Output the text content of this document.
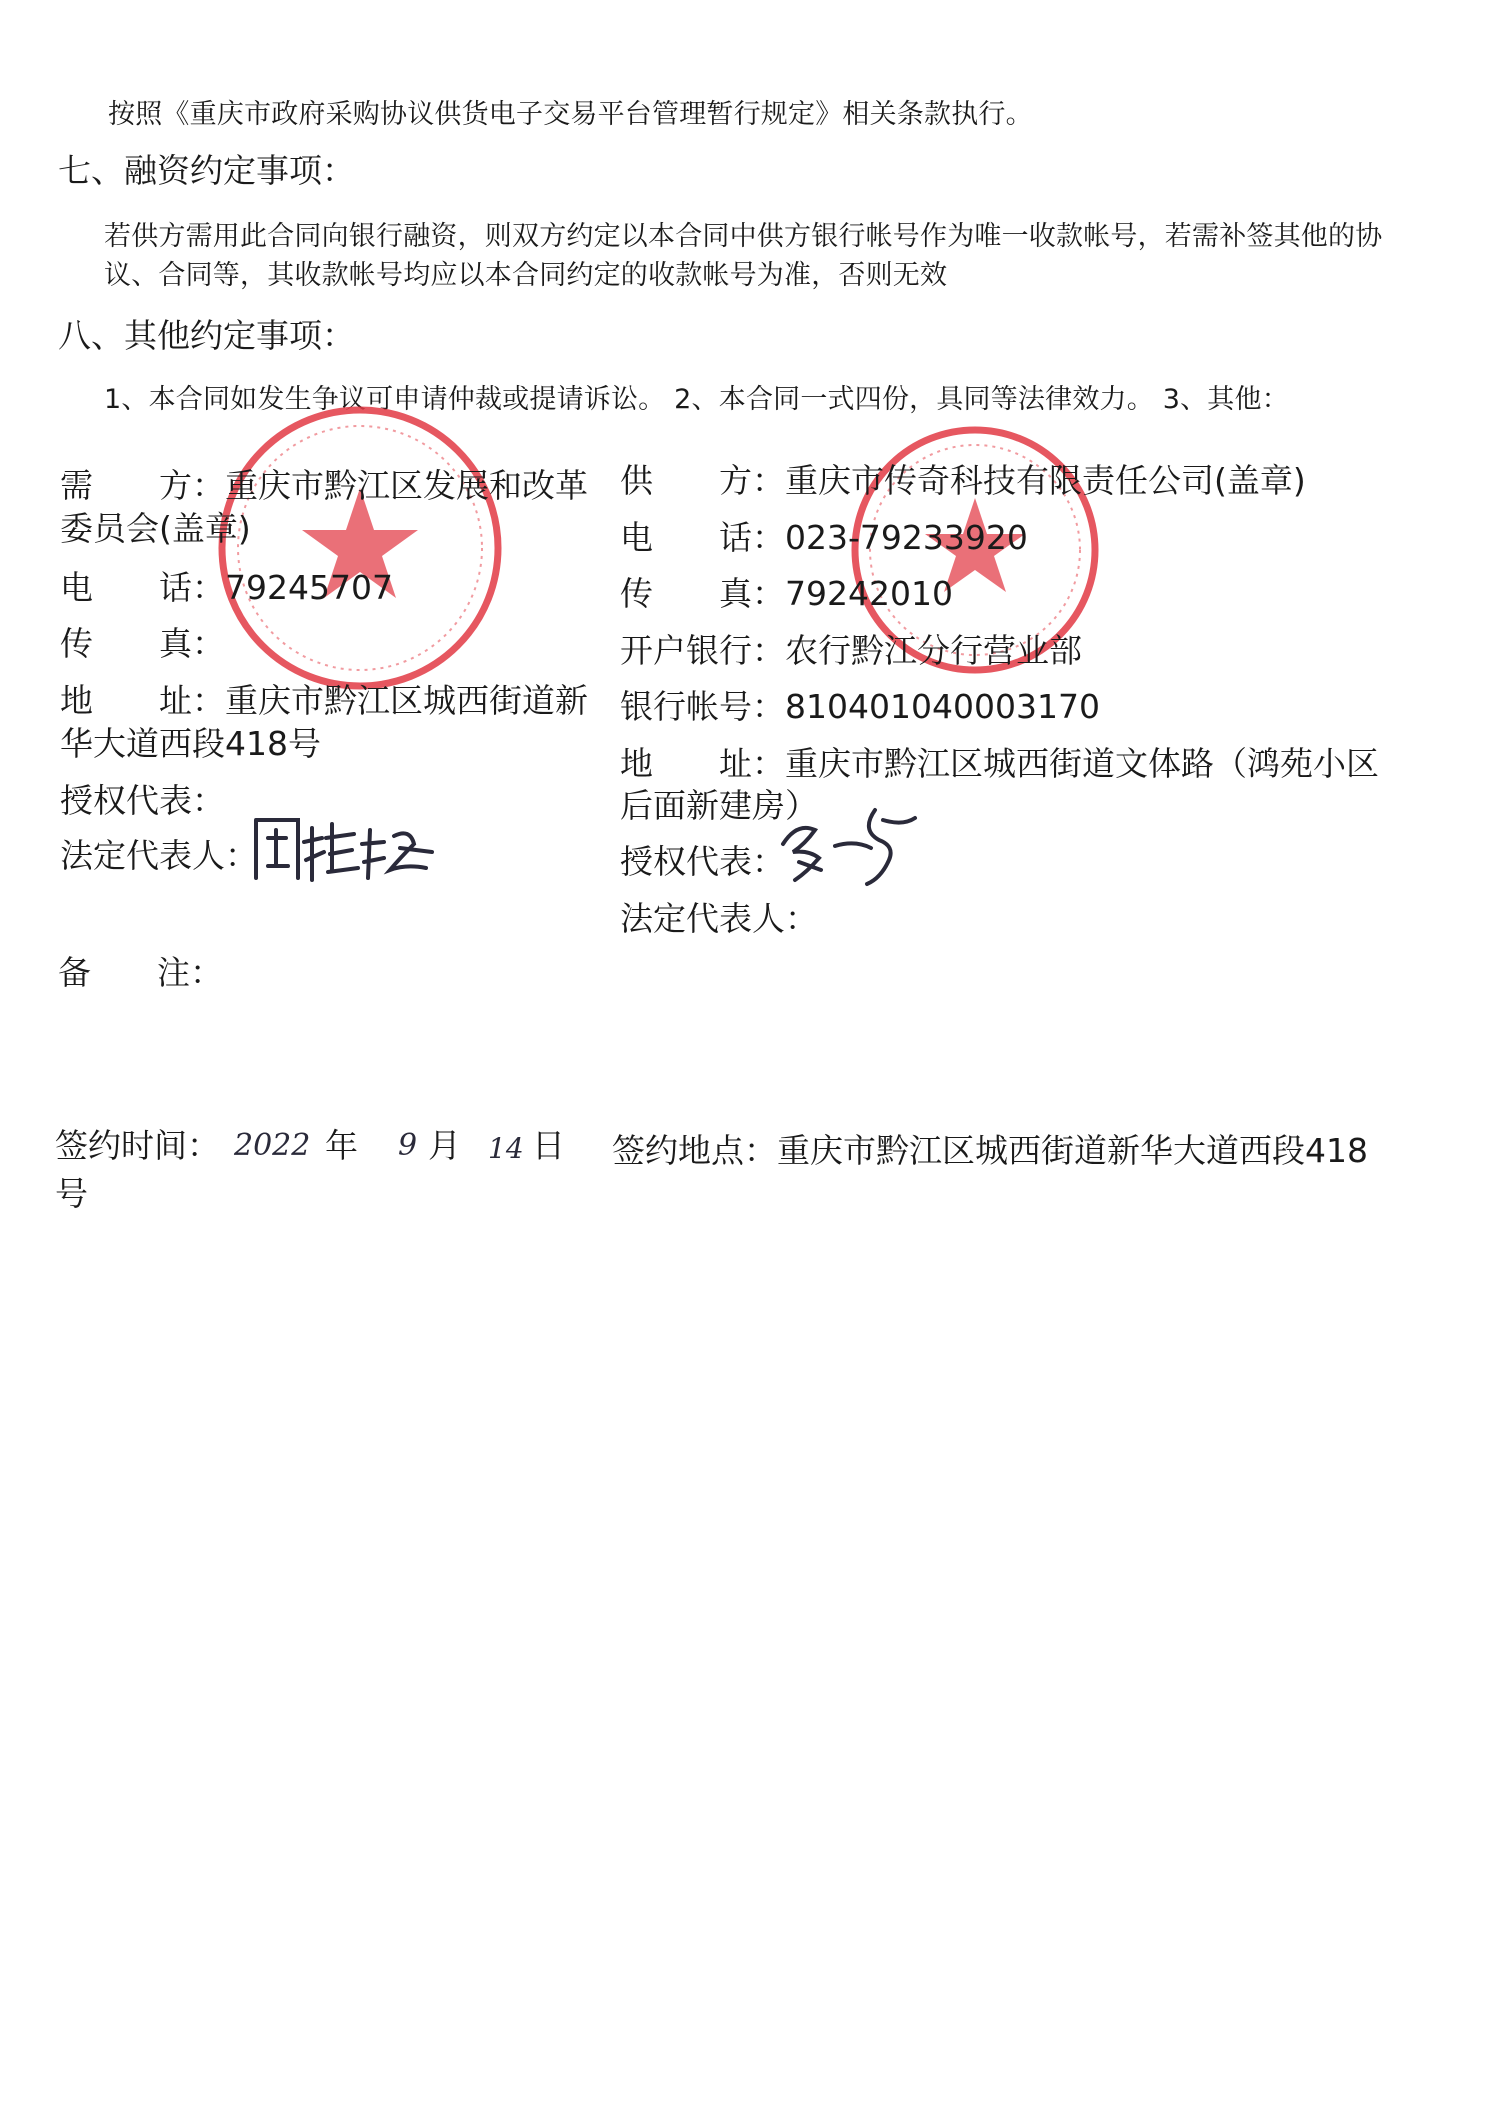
按照《重庆市政府采购协议供货电子交易平台管理暂行规定》相关条款执行。
七、融资约定事项：
若供方需用此合同向银行融资，则双方约定以本合同中供方银行帐号作为唯一收款帐号，若需补签其他的协
议、合同等，其收款帐号均应以本合同约定的收款帐号为准，否则无效
八、其他约定事项：
1、本合同如发生争议可申请仲裁或提请诉讼。 2、本合同一式四份，具同等法律效力。 3、其他：
需　　方：重庆市黔江区发展和改革
委员会(盖章)
电　　话：79245707
传　　真：
地　　址：重庆市黔江区城西街道新
华大道西段418号
授权代表：
法定代表人：
供　　方：重庆市传奇科技有限责任公司(盖章)
电　　话：023-79233920
传　　真：79242010
开户银行：农行黔江分行营业部
银行帐号：810401040003170
地　　址：重庆市黔江区城西街道文体路（鸿苑小区
后面新建房）
授权代表：
法定代表人：
备　　注：
签约时间： 2022 年 9 月 14 日 签约地点：重庆市黔江区城西街道新华大道西段418
号
